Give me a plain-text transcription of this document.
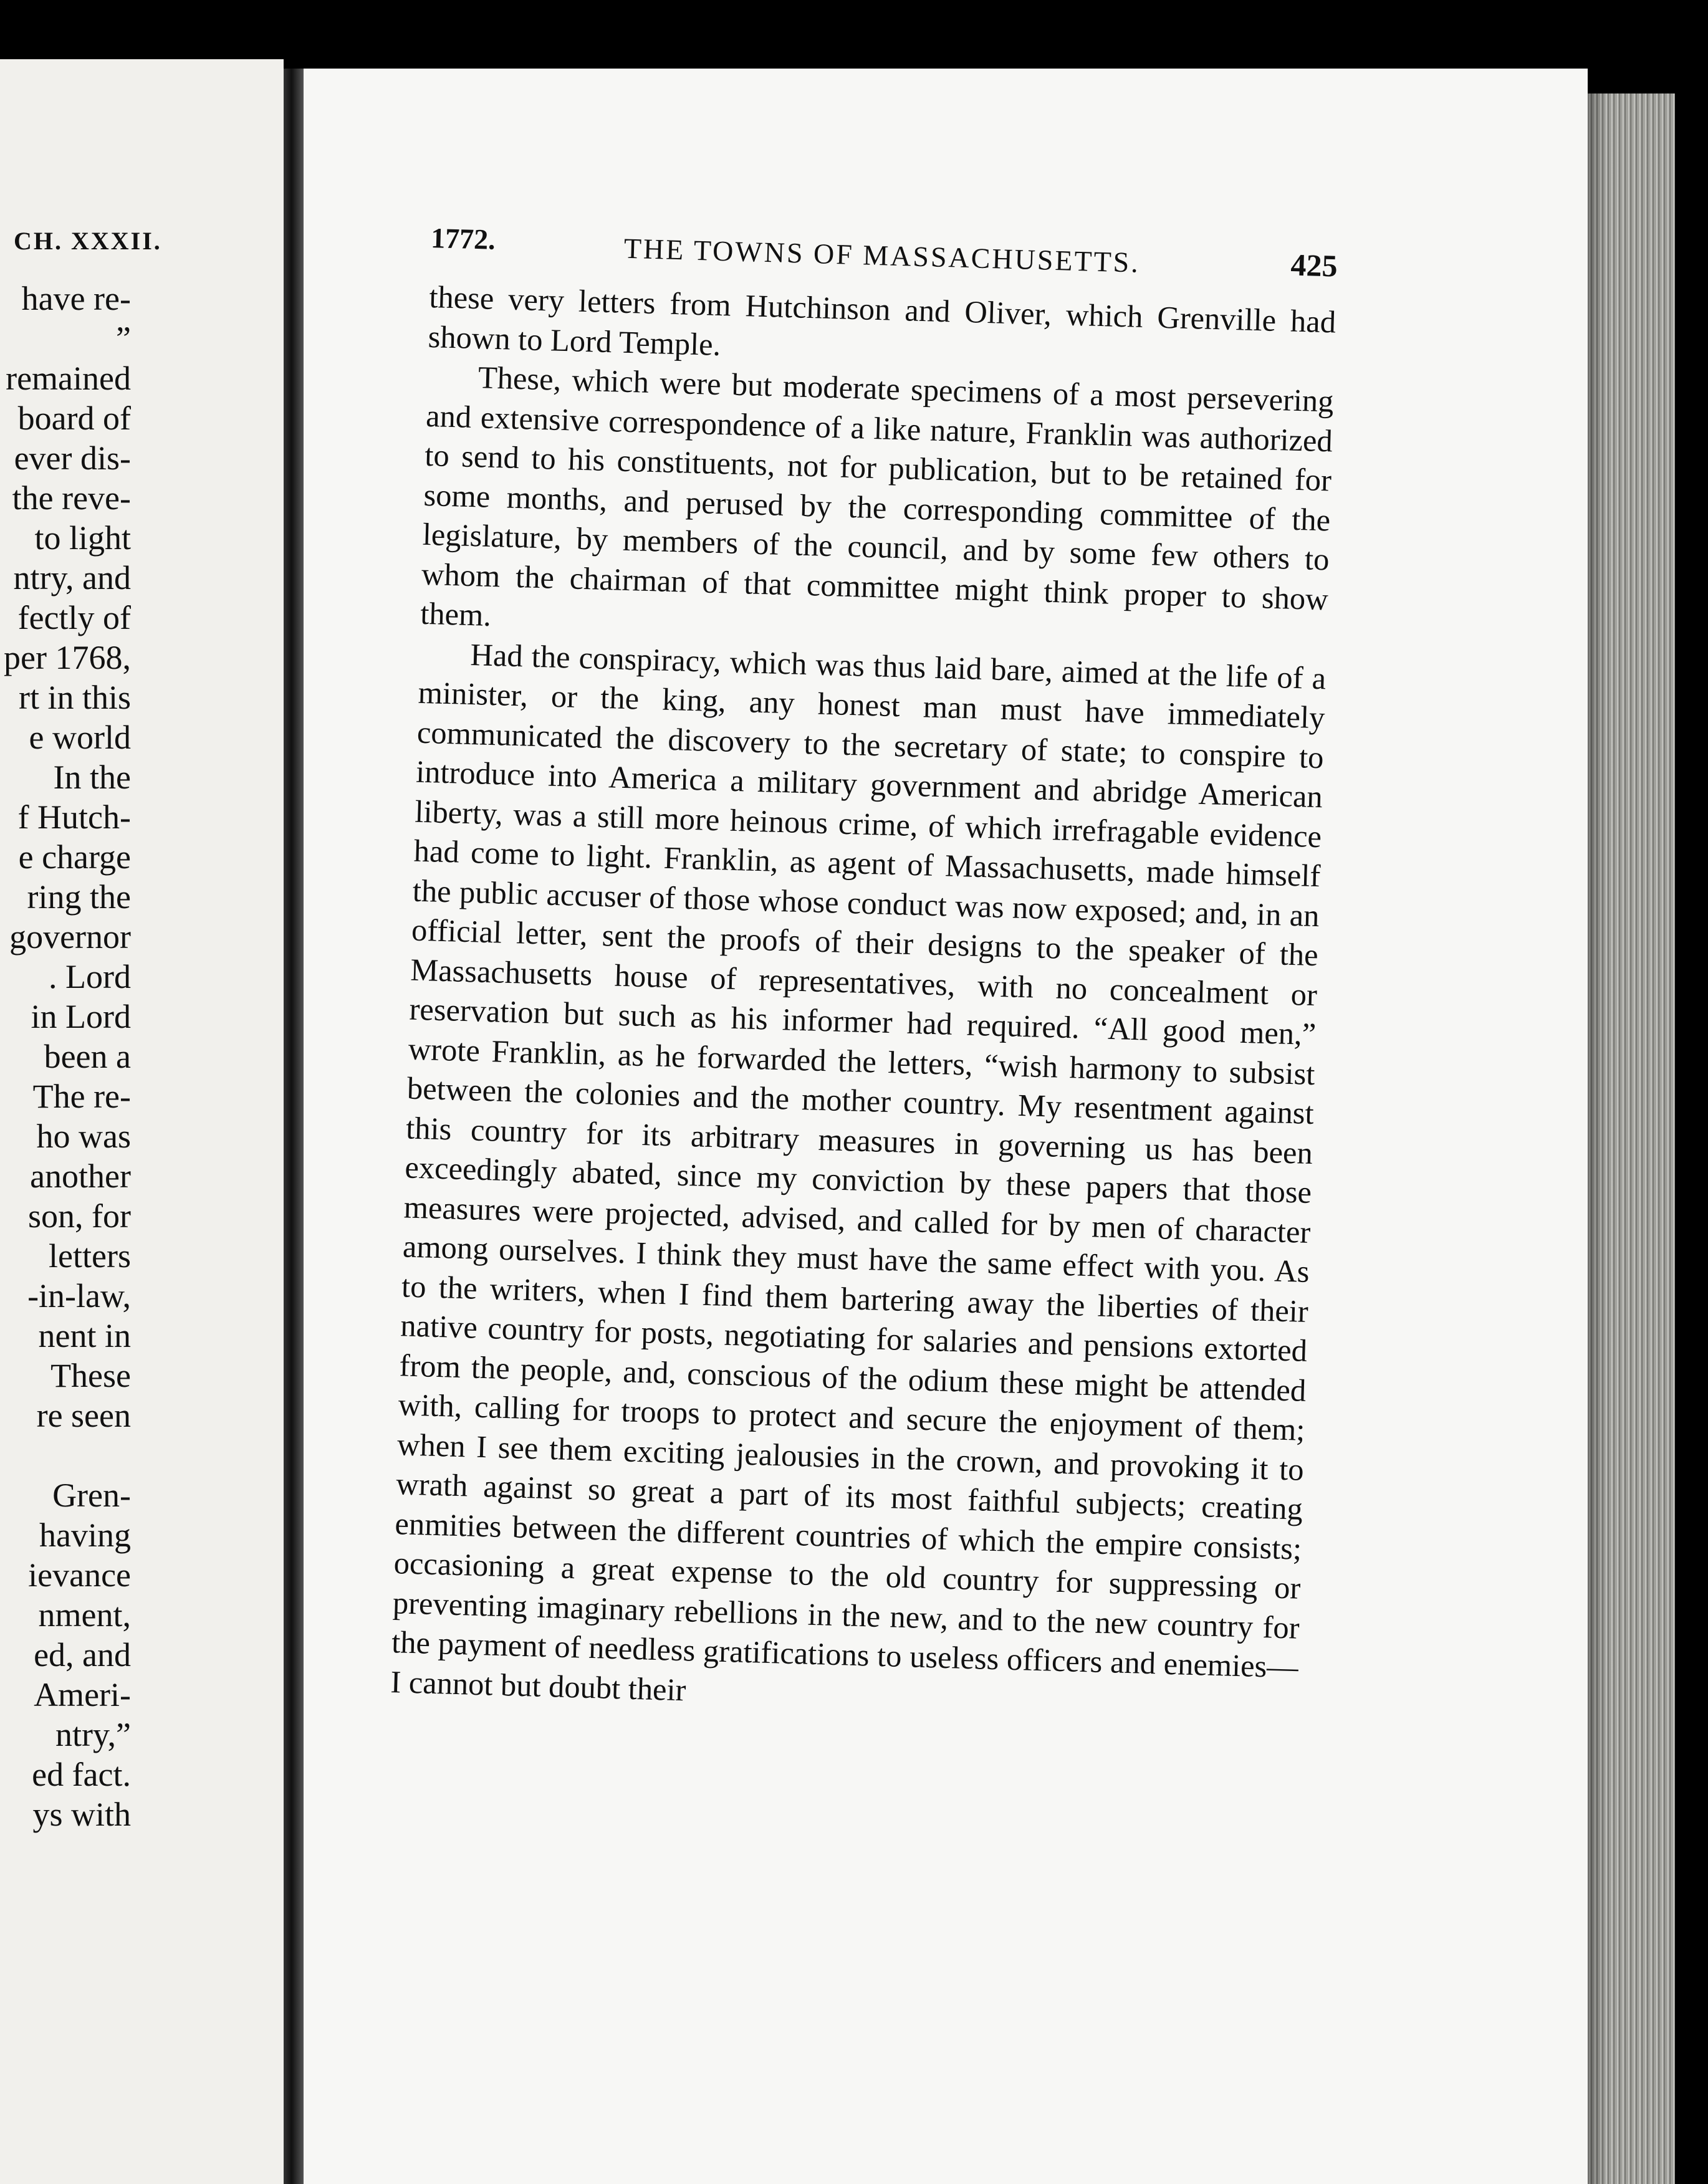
CH. XXXII.
have re-
”
remained
board of
ever dis-
the reve-
to light
ntry, and
fectly of
per 1768,
rt in this
e world
In the
f Hutch-
e charge
ring the
governor
. Lord
in Lord
been a
The re-
ho was
another
son, for
letters
-in-law,
nent in
These
re seen
Gren-
having
ievance
nment,
ed, and
Ameri-
ntry,”
ed fact.
ys with
1772.	THE TOWNS OF MASSACHUSETTS.	425

these very letters from Hutchinson and Oliver, which Grenville had shown to Lord Temple.

These, which were but moderate specimens of a most persevering and extensive correspondence of a like nature, Franklin was authorized to send to his constituents, not for publication, but to be retained for some months, and perused by the corresponding committee of the legislature, by members of the council, and by some few others to whom the chairman of that committee might think proper to show them.

Had the conspiracy, which was thus laid bare, aimed at the life of a minister, or the king, any honest man must have immediately communicated the discovery to the secretary of state; to conspire to introduce into America a military government and abridge American liberty, was a still more heinous crime, of which irrefragable evidence had come to light. Franklin, as agent of Massachusetts, made himself the public accuser of those whose conduct was now exposed; and, in an official letter, sent the proofs of their designs to the speaker of the Massachusetts house of representatives, with no concealment or reservation but such as his informer had required. “All good men,” wrote Franklin, as he forwarded the letters, “wish harmony to subsist between the colonies and the mother country. My resentment against this country for its arbitrary measures in governing us has been exceedingly abated, since my conviction by these papers that those measures were projected, advised, and called for by men of character among ourselves. I think they must have the same effect with you. As to the writers, when I find them bartering away the liberties of their native country for posts, negotiating for salaries and pensions extorted from the people, and, conscious of the odium these might be attended with, calling for troops to protect and secure the enjoyment of them; when I see them exciting jealousies in the crown, and provoking it to wrath against so great a part of its most faithful subjects; creating enmities between the different countries of which the empire consists; occasioning a great expense to the old country for suppressing or preventing imaginary rebellions in the new, and to the new country for the payment of needless gratifications to useless officers and enemies—I cannot but doubt their
